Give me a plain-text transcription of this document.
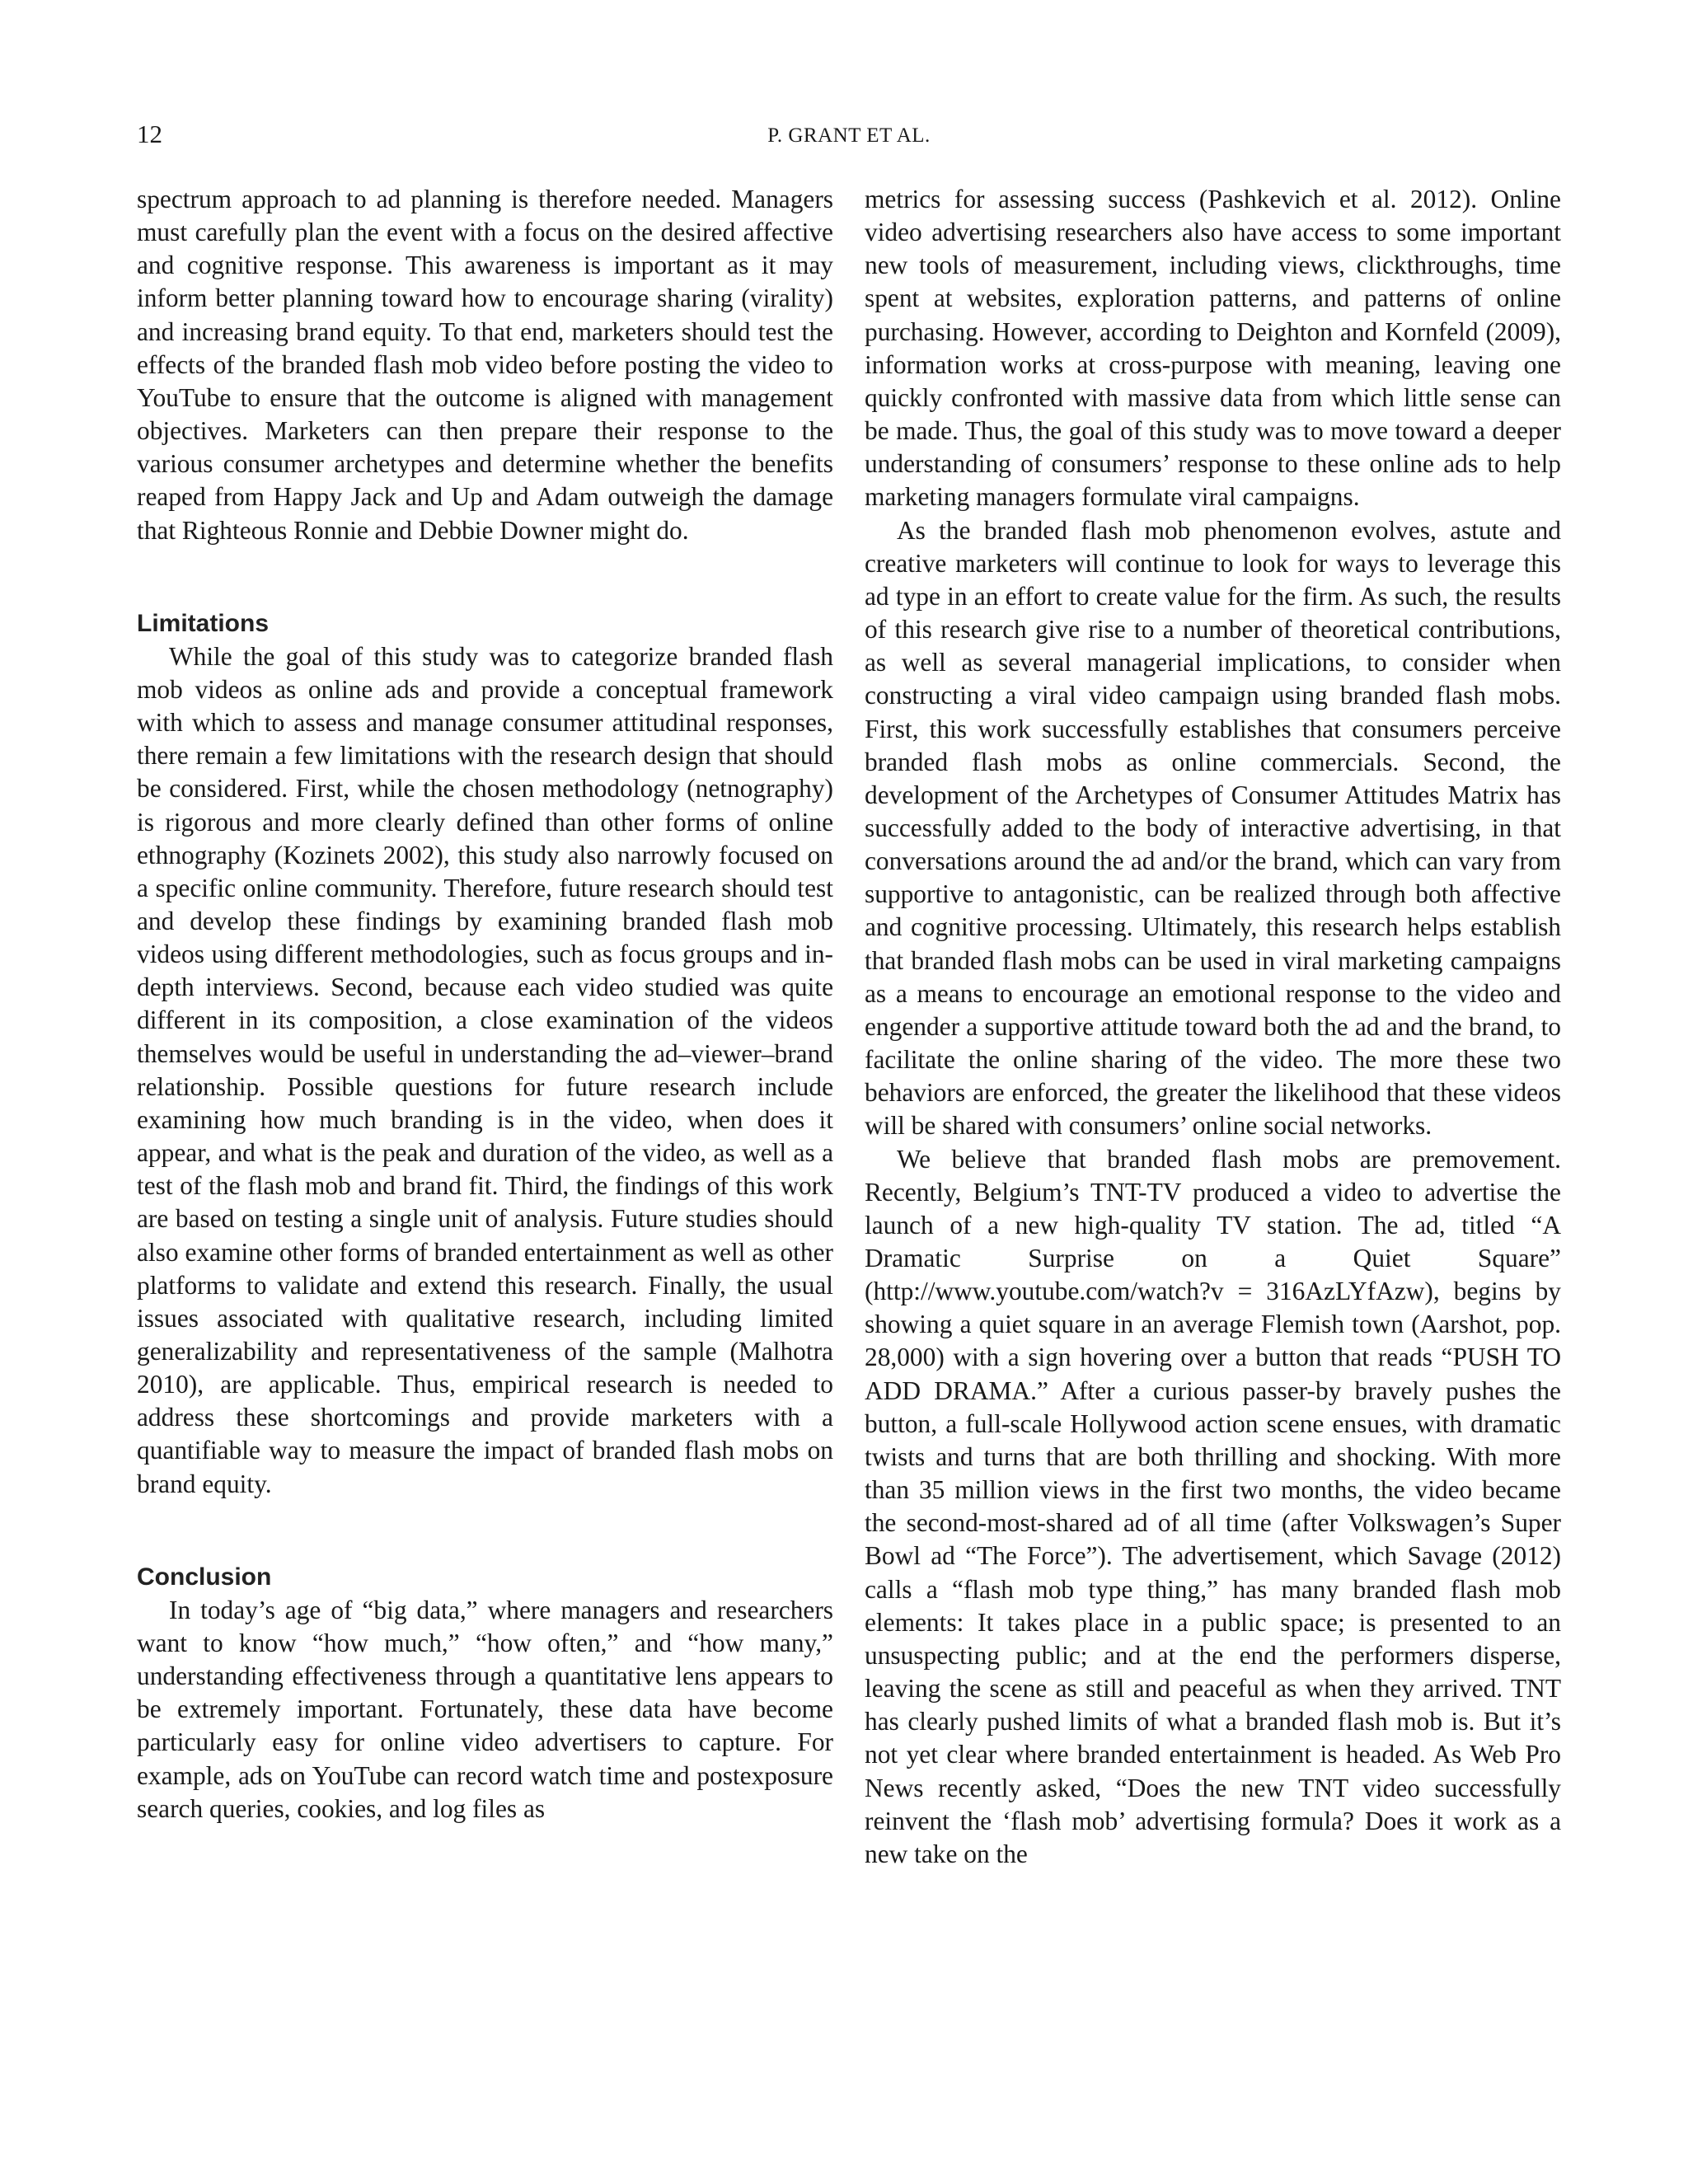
12	P. GRANT ET AL.

spectrum approach to ad planning is therefore needed. Managers must carefully plan the event with a focus on the desired affective and cognitive response. This awareness is important as it may inform better planning toward how to encourage sharing (virality) and increasing brand equity. To that end, marketers should test the effects of the branded flash mob video before posting the video to YouTube to ensure that the outcome is aligned with management objectives. Marketers can then prepare their response to the various consumer archetypes and determine whether the benefits reaped from Happy Jack and Up and Adam outweigh the damage that Righteous Ronnie and Debbie Downer might do.

Limitations

While the goal of this study was to categorize branded flash mob videos as online ads and provide a conceptual framework with which to assess and manage consumer attitudinal responses, there remain a few limitations with the research design that should be considered. First, while the chosen methodology (netnography) is rigorous and more clearly defined than other forms of online ethnography (Kozinets 2002), this study also narrowly focused on a specific online community. Therefore, future research should test and develop these findings by examining branded flash mob videos using different methodologies, such as focus groups and in-depth interviews. Second, because each video studied was quite different in its composition, a close examination of the videos themselves would be useful in understanding the ad–viewer–brand relationship. Possible questions for future research include examining how much branding is in the video, when does it appear, and what is the peak and duration of the video, as well as a test of the flash mob and brand fit. Third, the findings of this work are based on testing a single unit of analysis. Future studies should also examine other forms of branded entertainment as well as other platforms to validate and extend this research. Finally, the usual issues associated with qualitative research, including limited generalizability and representativeness of the sample (Malhotra 2010), are applicable. Thus, empirical research is needed to address these shortcomings and provide marketers with a quantifiable way to measure the impact of branded flash mobs on brand equity.

Conclusion

In today’s age of “big data,” where managers and researchers want to know “how much,” “how often,” and “how many,” understanding effectiveness through a quantitative lens appears to be extremely important. Fortunately, these data have become particularly easy for online video advertisers to capture. For example, ads on YouTube can record watch time and postexposure search queries, cookies, and log files as

metrics for assessing success (Pashkevich et al. 2012). Online video advertising researchers also have access to some important new tools of measurement, including views, clickthroughs, time spent at websites, exploration patterns, and patterns of online purchasing. However, according to Deighton and Kornfeld (2009), information works at cross-purpose with meaning, leaving one quickly confronted with massive data from which little sense can be made. Thus, the goal of this study was to move toward a deeper understanding of consumers’ response to these online ads to help marketing managers formulate viral campaigns.

As the branded flash mob phenomenon evolves, astute and creative marketers will continue to look for ways to leverage this ad type in an effort to create value for the firm. As such, the results of this research give rise to a number of theoretical contributions, as well as several managerial implications, to consider when constructing a viral video campaign using branded flash mobs. First, this work successfully establishes that consumers perceive branded flash mobs as online commercials. Second, the development of the Archetypes of Consumer Attitudes Matrix has successfully added to the body of interactive advertising, in that conversations around the ad and/or the brand, which can vary from supportive to antagonistic, can be realized through both affective and cognitive processing. Ultimately, this research helps establish that branded flash mobs can be used in viral marketing campaigns as a means to encourage an emotional response to the video and engender a supportive attitude toward both the ad and the brand, to facilitate the online sharing of the video. The more these two behaviors are enforced, the greater the likelihood that these videos will be shared with consumers’ online social networks.

We believe that branded flash mobs are premovement. Recently, Belgium’s TNT-TV produced a video to advertise the launch of a new high-quality TV station. The ad, titled “A Dramatic Surprise on a Quiet Square” (http://www.youtube.com/watch?v = 316AzLYfAzw), begins by showing a quiet square in an average Flemish town (Aarshot, pop. 28,000) with a sign hovering over a button that reads “PUSH TO ADD DRAMA.” After a curious passer-by bravely pushes the button, a full-scale Hollywood action scene ensues, with dramatic twists and turns that are both thrilling and shocking. With more than 35 million views in the first two months, the video became the second-most-shared ad of all time (after Volkswagen’s Super Bowl ad “The Force”). The advertisement, which Savage (2012) calls a “flash mob type thing,” has many branded flash mob elements: It takes place in a public space; is presented to an unsuspecting public; and at the end the performers disperse, leaving the scene as still and peaceful as when they arrived. TNT has clearly pushed limits of what a branded flash mob is. But it’s not yet clear where branded entertainment is headed. As Web Pro News recently asked, “Does the new TNT video successfully reinvent the ‘flash mob’ advertising formula? Does it work as a new take on the
